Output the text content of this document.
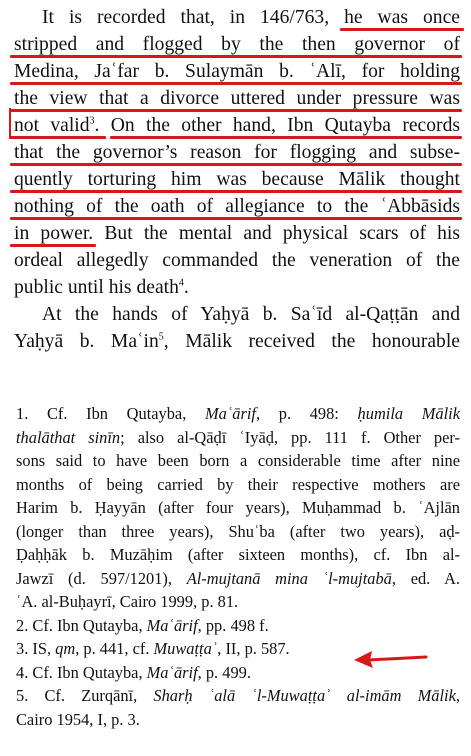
It is recorded that, in 146/763, he was once
stripped and flogged by the then governor of
Medina, Jaʿfar b. Sulaymān b. ʿAlī, for holding
the view that a divorce uttered under pressure was
not valid$^3$. On the other hand, Ibn Qutayba records
that the governor’s reason for flogging and subse-
quently torturing him was because Mālik thought
nothing of the oath of allegiance to the ʿAbbāsids
in power. But the mental and physical scars of his
ordeal allegedly commanded the veneration of the
public until his death$^4$.
At the hands of Yaḥyā b. Saʿīd al-Qaṭṭān and
Yaḥyā b. Maʿin$^5$, Mālik received the honourable
1. Cf. Ibn Qutayba, Maʿārif, p. 498: ḥumila Mālik
thalāthat sinīn; also al-Qāḍī ʿIyāḍ, pp. 111 f. Other per-
sons said to have been born a considerable time after nine
months of being carried by their respective mothers are
Harim b. Ḥayyān (after four years), Muḥammad b. ʿAjlān
(longer than three years), Shuʿba (after two years), aḍ-
Ḍaḥḥāk b. Muzāḥim (after sixteen months), cf. Ibn al-
Jawzī (d. 597/1201), Al-mujtanā mina ʿl-mujtabā, ed. A.
ʿA. al-Buḥayrī, Cairo 1999, p. 81.
2. Cf. Ibn Qutayba, Maʿārif, pp. 498 f.
3. IS, qm, p. 441, cf. Muwaṭṭaʾ, II, p. 587.
4. Cf. Ibn Qutayba, Maʿārif, p. 499.
5. Cf. Zurqānī, Sharḥ ʿalā ʿl-Muwaṭṭaʾ al-imām Mālik,
Cairo 1954, I, p. 3.
